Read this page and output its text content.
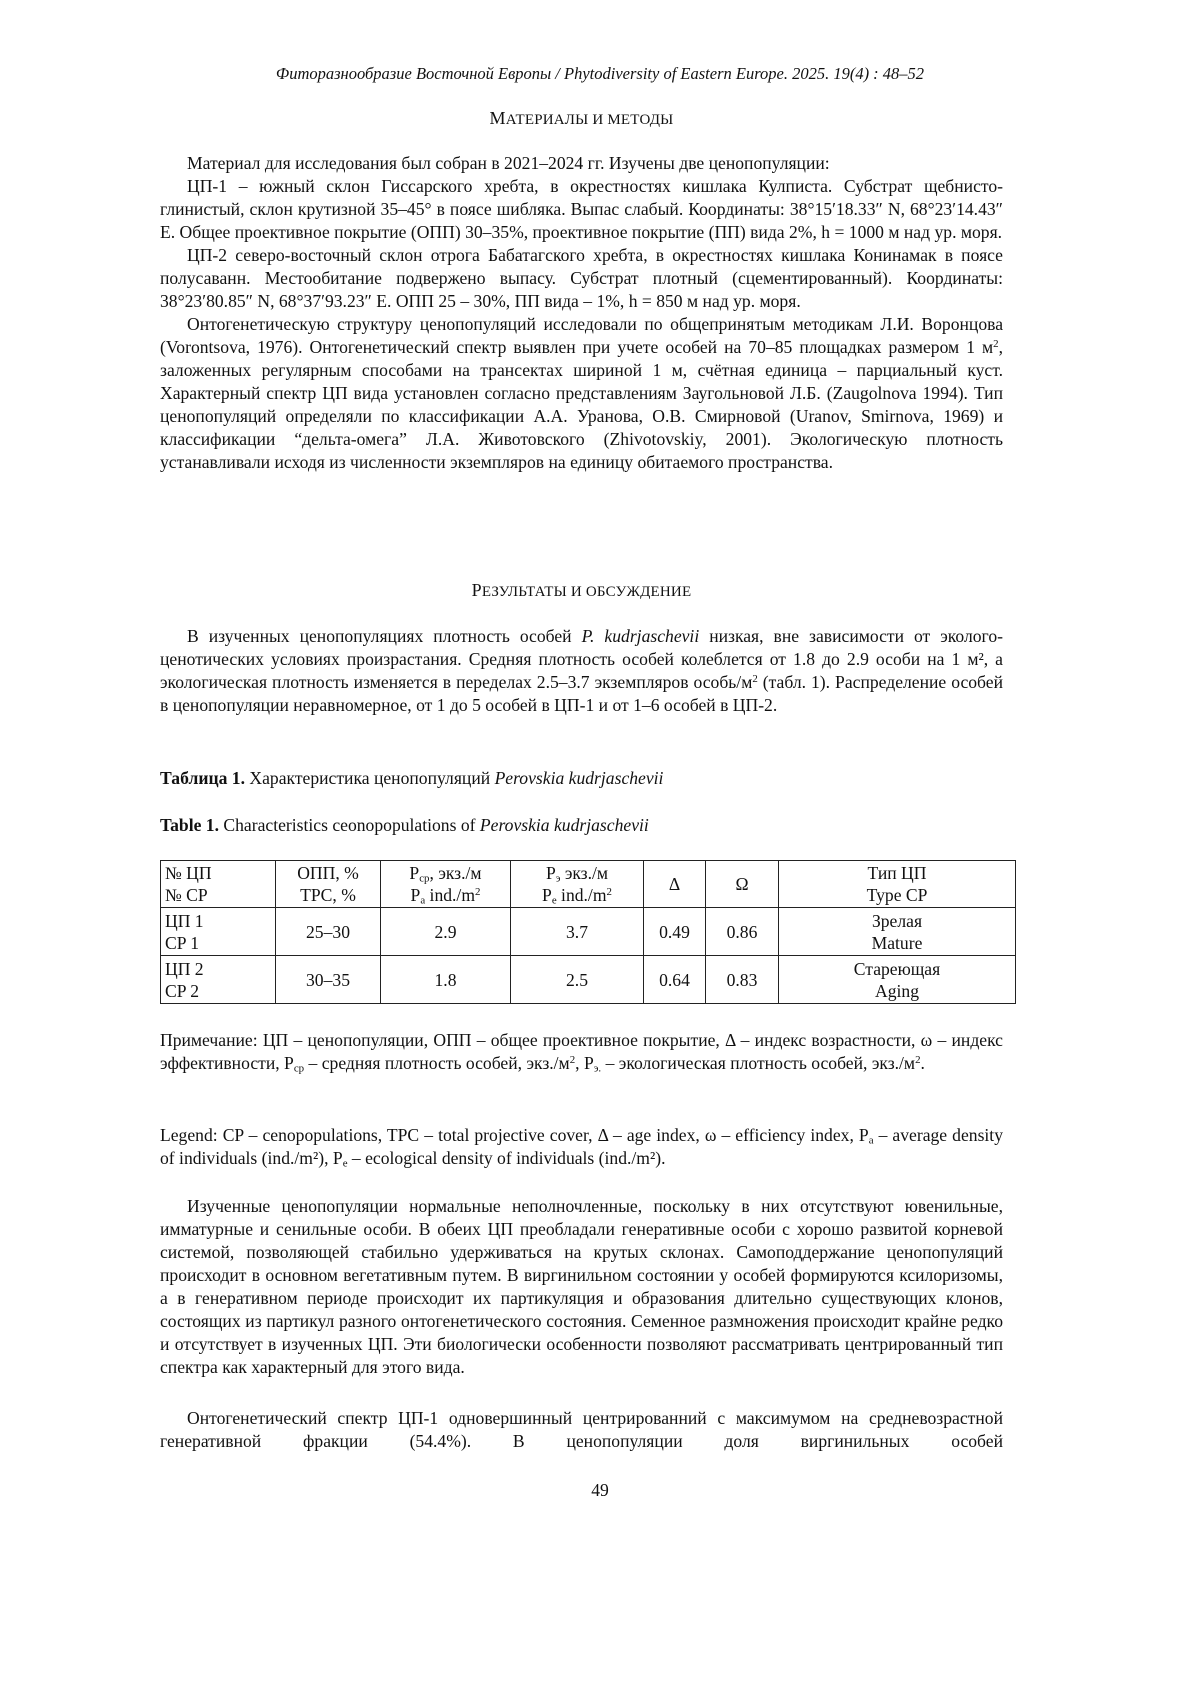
Фиторазнообразие Восточной Европы / Phytodiversity of Eastern Europe. 2025. 19(4) : 48–52
МАТЕРИАЛЫ И МЕТОДЫ

Материал для исследования был собран в 2021–2024 гг. Изучены две ценопопуляции:

ЦП-1 – южный склон Гиссарского хребта, в окрестностях кишлака Кулписта. Субстрат щебнисто-глинистый, склон крутизной 35–45° в поясе шибляка. Выпас слабый. Координаты: 38°15′18.33″ N, 68°23′14.43″ E. Общее проективное покрытие (ОПП) 30–35%, проективное покрытие (ПП) вида 2%, h = 1000 м над ур. моря.

ЦП-2 северо-восточный склон отрога Бабатагского хребта, в окрестностях кишлака Конинамак в поясе полусаванн. Местообитание подвержено выпасу. Субстрат плотный (сцементированный). Координаты: 38°23′80.85″ N, 68°37′93.23″ E. ОПП 25 – 30%, ПП вида – 1%, h = 850 м над ур. моря.

Онтогенетическую структуру ценопопуляций исследовали по общепринятым методикам Л.И. Воронцова (Vorontsova, 1976). Онтогенетический спектр выявлен при учете особей на 70–85 площадках размером 1 м2, заложенных регулярным способами на трансектах шириной 1 м, счётная единица – парциальный куст. Характерный спектр ЦП вида установлен согласно представлениям Заугольновой Л.Б. (Zaugolnova 1994). Тип ценопопуляций определяли по классификации А.А. Уранова, О.В. Смирновой (Uranov, Smirnova, 1969) и классификации “дельта-омега” Л.А. Животовского (Zhivotovskiy, 2001). Экологическую плотность устанавливали исходя из численности экземпляров на единицу обитаемого пространства.

РЕЗУЛЬТАТЫ И ОБСУЖДЕНИЕ

В изученных ценопопуляциях плотность особей P. kudrjaschevii низкая, вне зависимости от эколого-ценотических условиях произрастания. Средняя плотность особей колеблется от 1.8 до 2.9 особи на 1 м², а экологическая плотность изменяется в переделах 2.5–3.7 экземпляров особь/м2 (табл. 1). Распределение особей в ценопопуляции неравномерное, от 1 до 5 особей в ЦП-1 и от 1–6 особей в ЦП-2.

Таблица 1. Характеристика ценопопуляций Perovskia kudrjaschevii

Table 1. Characteristics ceonopopulations of Perovskia kudrjaschevii

№ ЦП
№ CP	ОПП, %
TPC, %	Pср, экз./м
Pa ind./m2	Pэ экз./м
Pe ind./m2	Δ	Ω	Тип ЦП
Type CP
ЦП 1
CP 1	25–30	2.9	3.7	0.49	0.86	Зрелая
Mature
ЦП 2
CP 2	30–35	1.8	2.5	0.64	0.83	Стареющая
Aging

Примечание: ЦП – ценопопуляции, ОПП – общее проективное покрытие, Δ – индекс возрастности, ω – индекс эффективности, Pср – средняя плотность особей, экз./м2, Pэ. – экологическая плотность особей, экз./м2.

Legend: CP – cenopopulations, TPC – total projective cover, Δ – age index, ω – efficiency index, Pa – average density of individuals (ind./m²), Pe – ecological density of individuals (ind./m²).

Изученные ценопопуляции нормальные неполночленные, поскольку в них отсутствуют ювенильные, имматурные и сенильные особи. В обеих ЦП преобладали генеративные особи с хорошо развитой корневой системой, позволяющей стабильно удерживаться на крутых склонах. Самоподдержание ценопопуляций происходит в основном вегетативным путем. В виргинильном состоянии у особей формируются ксилоризомы, а в генеративном периоде происходит их партикуляция и образования длительно существующих клонов, состоящих из партикул разного онтогенетического состояния. Семенное размножения происходит крайне редко и отсутствует в изученных ЦП. Эти биологически особенности позволяют рассматривать центрированный тип спектра как характерный для этого вида.

Онтогенетический спектр ЦП-1 одновершинный центрированний с максимумом на средневозрастной генеративной фракции (54.4%). В ценопопуляции доля виргинильных особей

49
